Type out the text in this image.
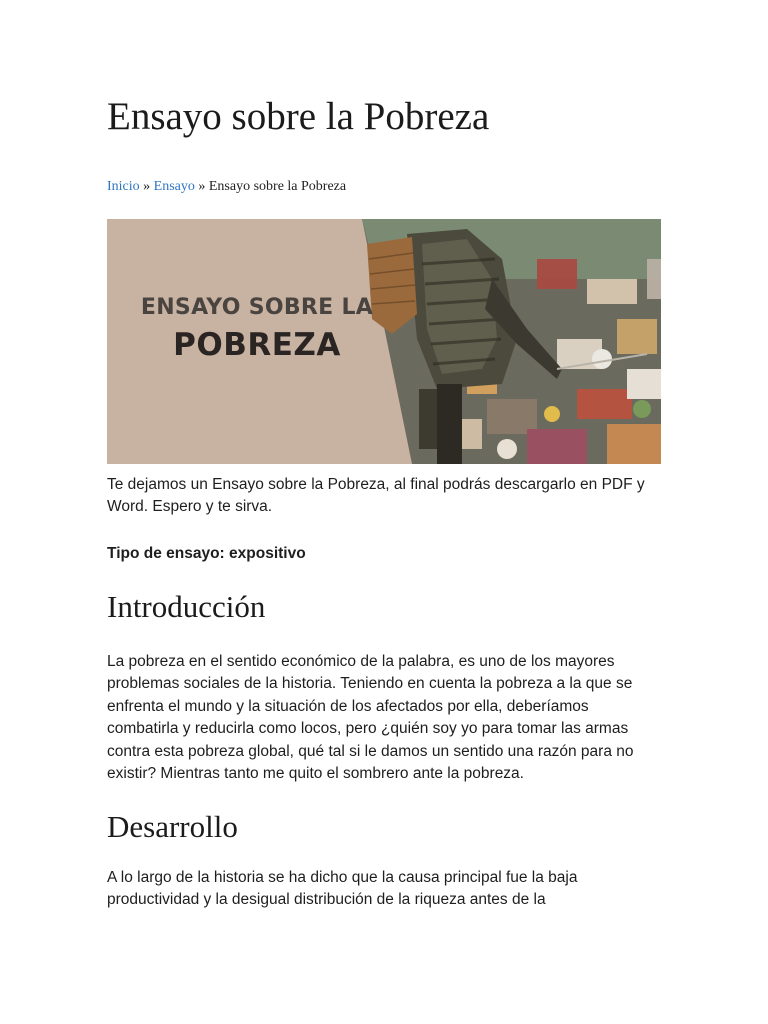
Ensayo sobre la Pobreza
Inicio » Ensayo » Ensayo sobre la Pobreza
ENSAYO SOBRE LA
POBREZA

Te dejamos un Ensayo sobre la Pobreza, al final podrás descargarlo en PDF y Word. Espero y te sirva.

Tipo de ensayo: expositivo

Introducción

La pobreza en el sentido económico de la palabra, es uno de los mayores problemas sociales de la historia. Teniendo en cuenta la pobreza a la que se enfrenta el mundo y la situación de los afectados por ella, deberíamos combatirla y reducirla como locos, pero ¿quién soy yo para tomar las armas contra esta pobreza global, qué tal si le damos un sentido una razón para no existir? Mientras tanto me quito el sombrero ante la pobreza.

Desarrollo

A lo largo de la historia se ha dicho que la causa principal fue la baja productividad y la desigual distribución de la riqueza antes de la
